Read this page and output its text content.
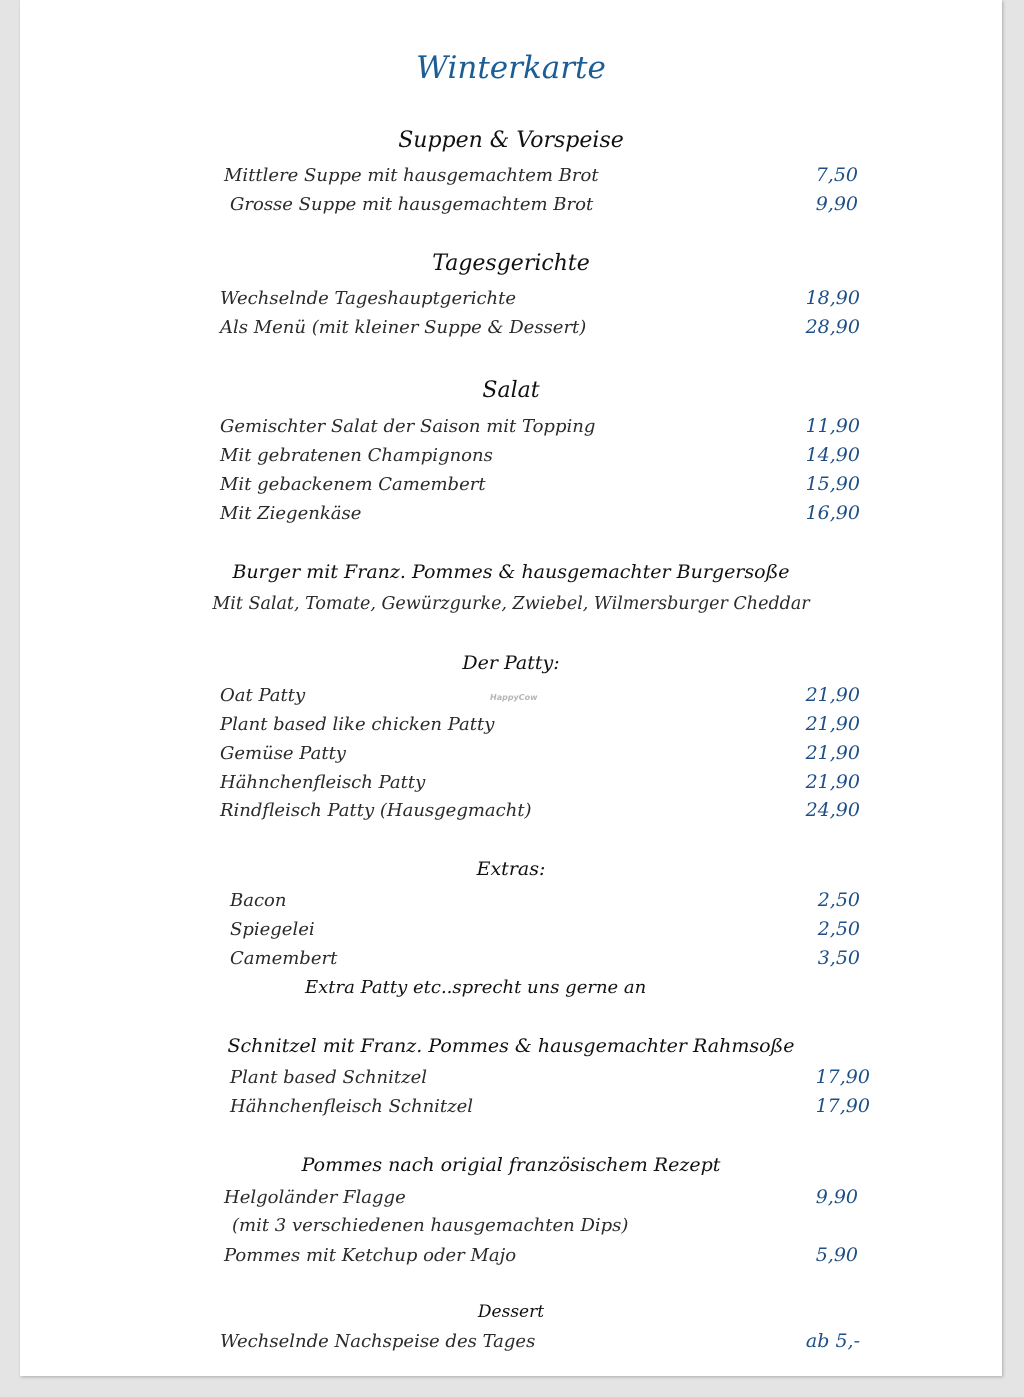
Winterkarte
Suppen & Vorspeise
Mittlere Suppe mit hausgemachtem Brot	7,50
Grosse Suppe mit hausgemachtem Brot	9,90
Tagesgerichte
Wechselnde Tageshauptgerichte	18,90
Als Menü (mit kleiner Suppe & Dessert)	28,90
Salat
Gemischter Salat der Saison mit Topping	11,90
Mit gebratenen Champignons	14,90
Mit gebackenem Camembert	15,90
Mit Ziegenkäse	16,90
Burger mit Franz. Pommes & hausgemachter Burgersoße
Mit Salat, Tomate, Gewürzgurke, Zwiebel, Wilmersburger Cheddar
Der Patty:
Oat Patty	HappyCow	21,90
Plant based like chicken Patty	21,90
Gemüse Patty	21,90
Hähnchenfleisch Patty	21,90
Rindfleisch Patty (Hausgegmacht)	24,90
Extras:
Bacon	2,50
Spiegelei	2,50
Camembert	3,50
Extra Patty etc..sprecht uns gerne an
Schnitzel mit Franz. Pommes & hausgemachter Rahmsoße
Plant based Schnitzel	17,90
Hähnchenfleisch Schnitzel	17,90
Pommes nach origial französischem Rezept
Helgoländer Flagge	9,90
(mit 3 verschiedenen hausgemachten Dips)
Pommes mit Ketchup oder Majo	5,90
Dessert
Wechselnde Nachspeise des Tages	ab 5,-
